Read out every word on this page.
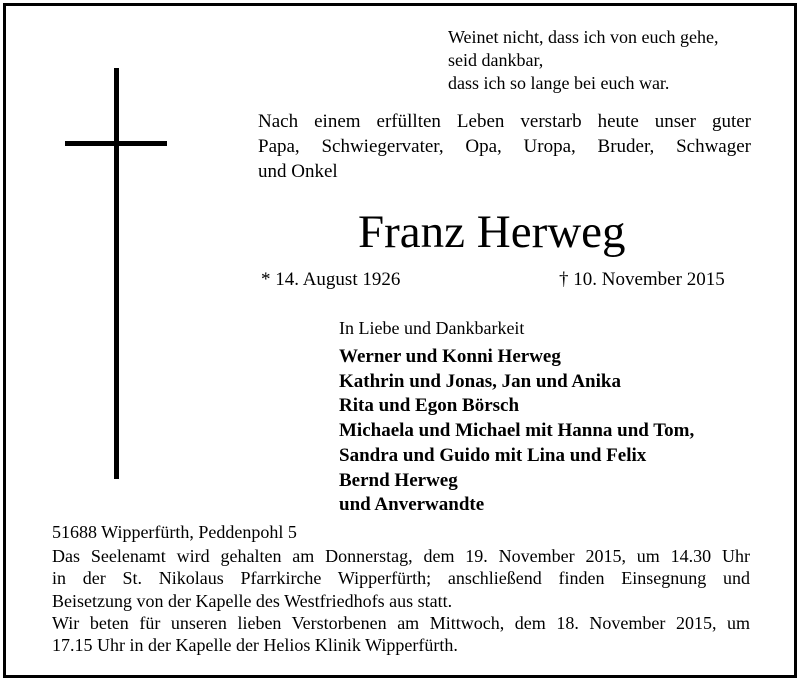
Weinet nicht, dass ich von euch gehe,
seid dankbar,
dass ich so lange bei euch war.
Nach einem erfüllten Leben verstarb heute unser guter
Papa, Schwiegervater, Opa, Uropa, Bruder, Schwager
und Onkel
Franz Herweg
* 14. August 1926	† 10. November 2015
In Liebe und Dankbarkeit
Werner und Konni Herweg
Kathrin und Jonas, Jan und Anika
Rita und Egon Börsch
Michaela und Michael mit Hanna und Tom,
Sandra und Guido mit Lina und Felix
Bernd Herweg
und Anverwandte
51688 Wipperfürth, Peddenpohl 5
Das Seelenamt wird gehalten am Donnerstag, dem 19. November 2015, um 14.30 Uhr
in der St. Nikolaus Pfarrkirche Wipperfürth; anschließend finden Einsegnung und
Beisetzung von der Kapelle des Westfriedhofs aus statt.
Wir beten für unseren lieben Verstorbenen am Mittwoch, dem 18. November 2015, um
17.15 Uhr in der Kapelle der Helios Klinik Wipperfürth.
